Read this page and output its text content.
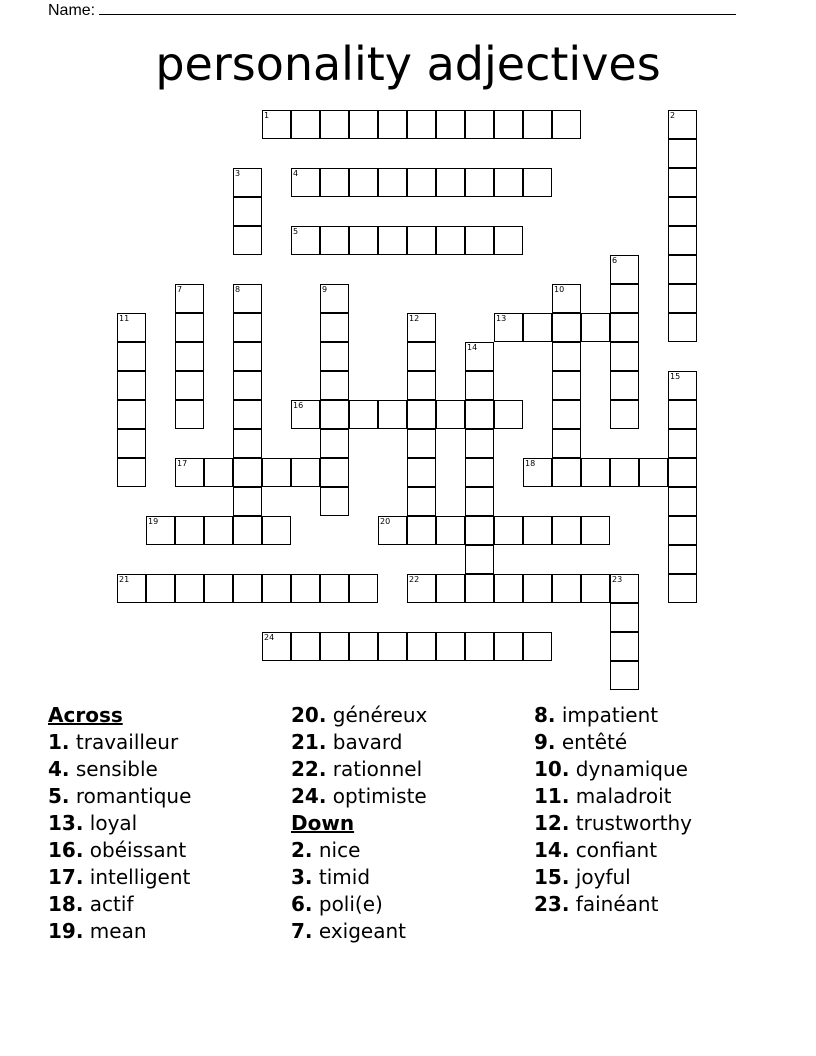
Name:
personality adjectives
1	2
3	4
5
6
7	8	9	10
11	12	13
14
15
16
17	18
19	20
21	22	23
24
Across
1. travailleur
4. sensible
5. romantique
13. loyal
16. obéissant
17. intelligent
18. actif
19. mean
20. généreux
21. bavard
22. rationnel
24. optimiste
Down
2. nice
3. timid
6. poli(e)
7. exigeant
8. impatient
9. entêté
10. dynamique
11. maladroit
12. trustworthy
14. confiant
15. joyful
23. fainéant
